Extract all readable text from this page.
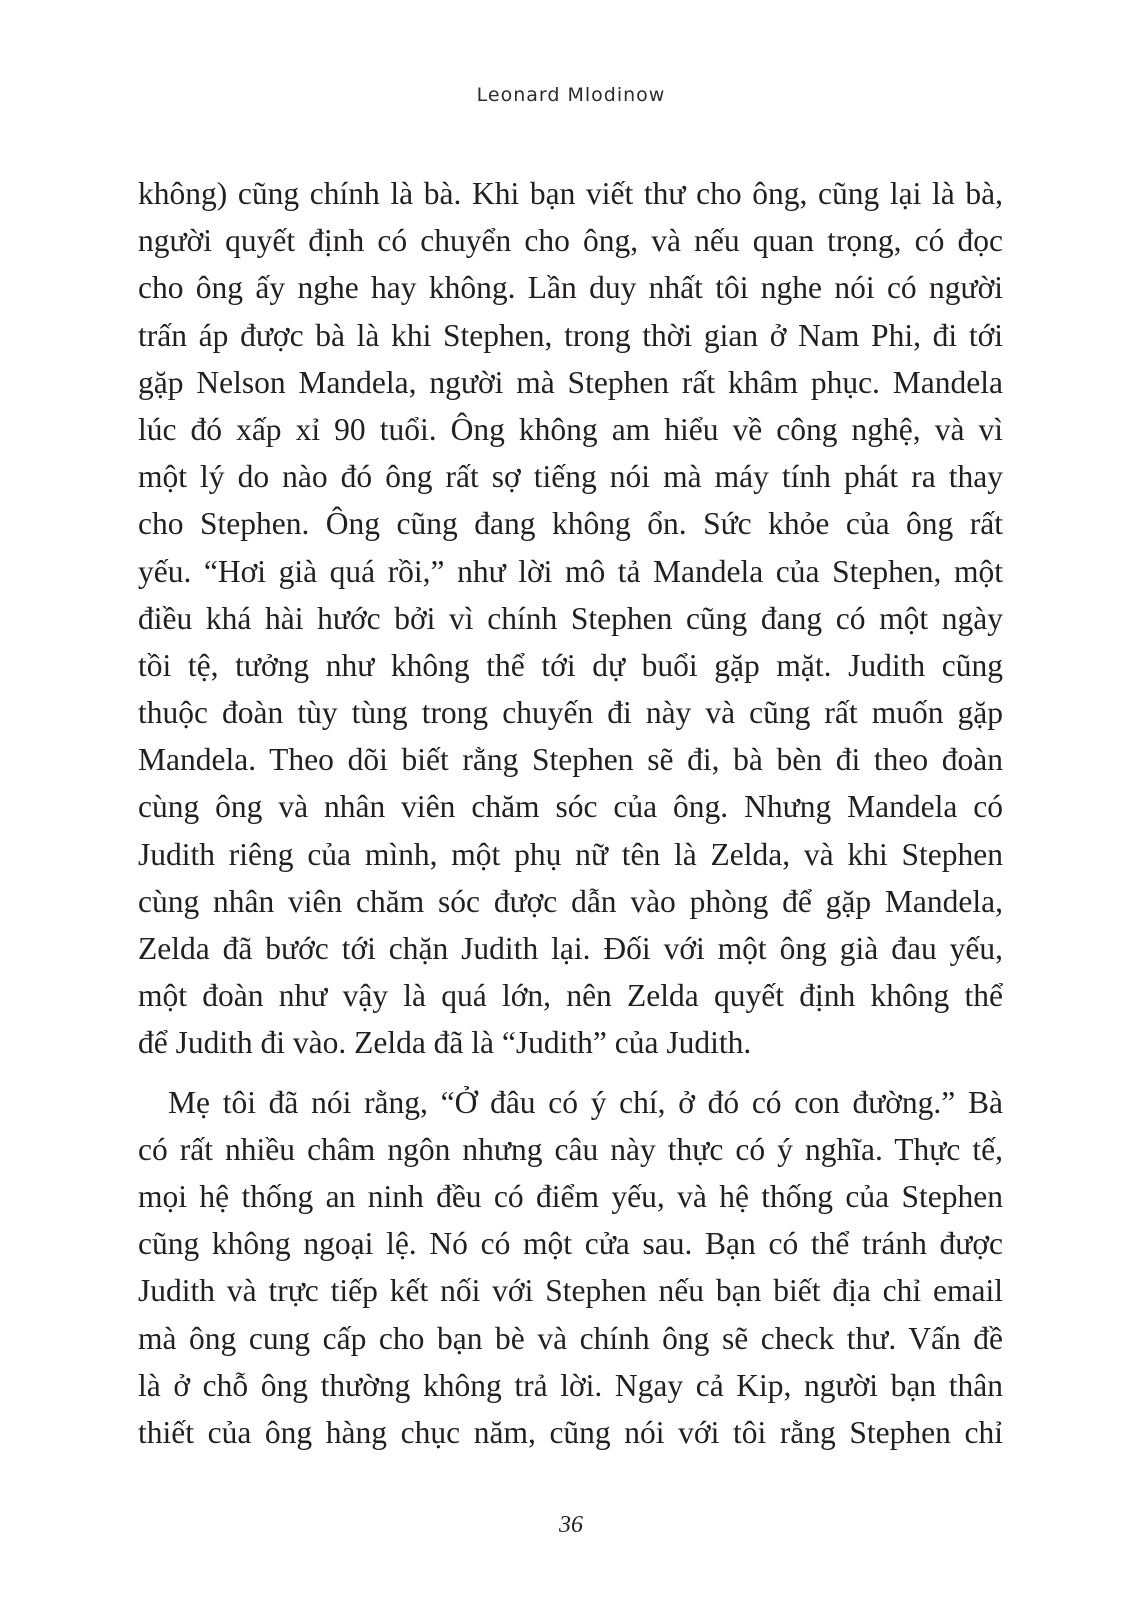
Leonard Mlodinow

không) cũng chính là bà. Khi bạn viết thư cho ông, cũng lại là bà,
người quyết định có chuyển cho ông, và nếu quan trọng, có đọc
cho ông ấy nghe hay không. Lần duy nhất tôi nghe nói có người
trấn áp được bà là khi Stephen, trong thời gian ở Nam Phi, đi tới
gặp Nelson Mandela, người mà Stephen rất khâm phục. Mandela
lúc đó xấp xỉ 90 tuổi. Ông không am hiểu về công nghệ, và vì
một lý do nào đó ông rất sợ tiếng nói mà máy tính phát ra thay
cho Stephen. Ông cũng đang không ổn. Sức khỏe của ông rất
yếu. “Hơi già quá rồi,” như lời mô tả Mandela của Stephen, một
điều khá hài hước bởi vì chính Stephen cũng đang có một ngày
tồi tệ, tưởng như không thể tới dự buổi gặp mặt. Judith cũng
thuộc đoàn tùy tùng trong chuyến đi này và cũng rất muốn gặp
Mandela. Theo dõi biết rằng Stephen sẽ đi, bà bèn đi theo đoàn
cùng ông và nhân viên chăm sóc của ông. Nhưng Mandela có
Judith riêng của mình, một phụ nữ tên là Zelda, và khi Stephen
cùng nhân viên chăm sóc được dẫn vào phòng để gặp Mandela,
Zelda đã bước tới chặn Judith lại. Đối với một ông già đau yếu,
một đoàn như vậy là quá lớn, nên Zelda quyết định không thể
để Judith đi vào. Zelda đã là “Judith” của Judith.

Mẹ tôi đã nói rằng, “Ở đâu có ý chí, ở đó có con đường.” Bà
có rất nhiều châm ngôn nhưng câu này thực có ý nghĩa. Thực tế,
mọi hệ thống an ninh đều có điểm yếu, và hệ thống của Stephen
cũng không ngoại lệ. Nó có một cửa sau. Bạn có thể tránh được
Judith và trực tiếp kết nối với Stephen nếu bạn biết địa chỉ email
mà ông cung cấp cho bạn bè và chính ông sẽ check thư. Vấn đề
là ở chỗ ông thường không trả lời. Ngay cả Kip, người bạn thân
thiết của ông hàng chục năm, cũng nói với tôi rằng Stephen chỉ

36
